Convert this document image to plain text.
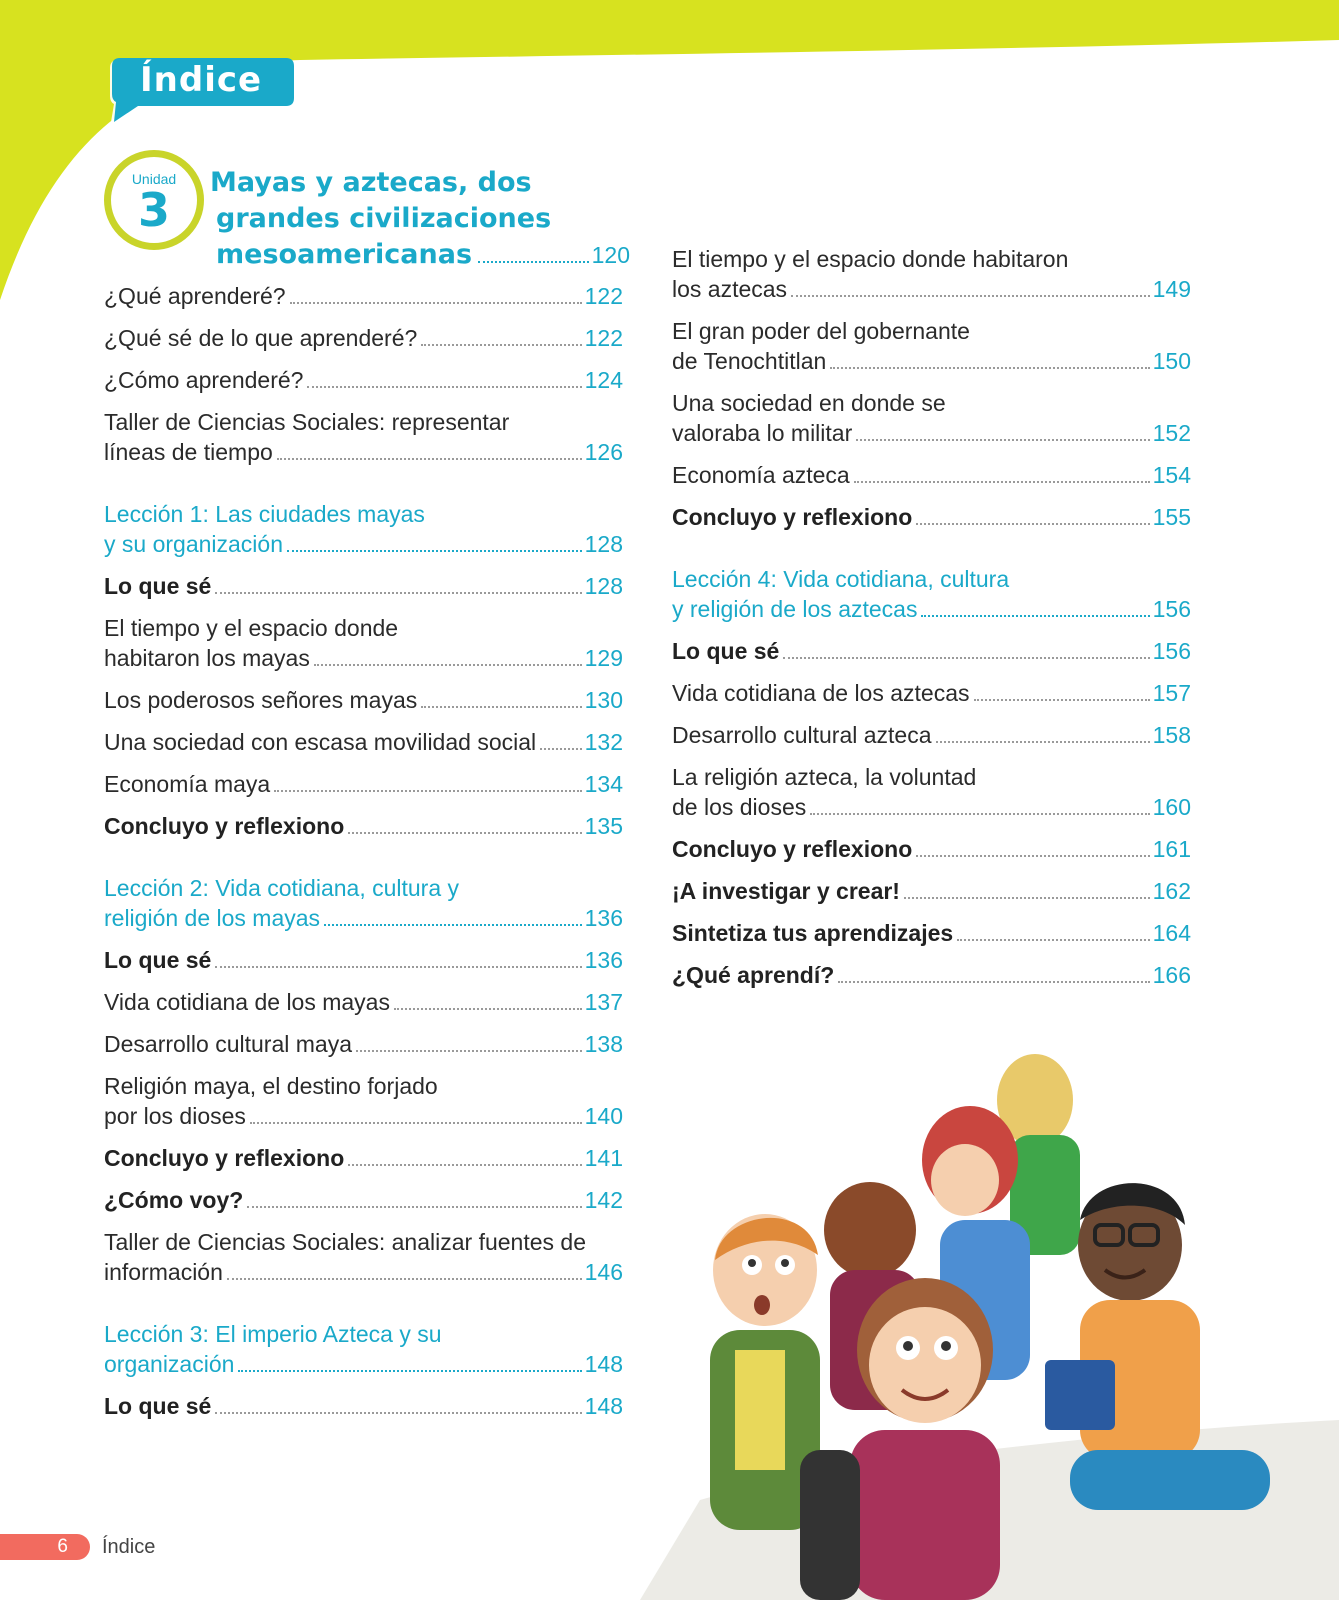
Índice
Unidad
3
Mayas y aztecas, dos
grandes civilizaciones
mesoamericanas	120
¿Qué aprenderé?	122
¿Qué sé de lo que aprenderé?	122
¿Cómo aprenderé?	124
Taller de Ciencias Sociales: representar
líneas de tiempo	126
Lección 1: Las ciudades mayas
y su organización	128
Lo que sé	128
El tiempo y el espacio donde
habitaron los mayas	129
Los poderosos señores mayas	130
Una sociedad con escasa movilidad social 132
Economía maya	134
Concluyo y reflexiono	135
Lección 2: Vida cotidiana, cultura y
religión de los mayas	136
Lo que sé	136
Vida cotidiana de los mayas	137
Desarrollo cultural maya	138
Religión maya, el destino forjado
por los dioses	140
Concluyo y reflexiono	141
¿Cómo voy?	142
Taller de Ciencias Sociales: analizar fuentes de
información	146
Lección 3: El imperio Azteca y su
organización	148
Lo que sé	148
El tiempo y el espacio donde habitaron
los aztecas	149
El gran poder del gobernante
de Tenochtitlan	150
Una sociedad en donde se
valoraba lo militar	152
Economía azteca	154
Concluyo y reflexiono	155
Lección 4: Vida cotidiana, cultura
y religión de los aztecas	156
Lo que sé	156
Vida cotidiana de los aztecas	157
Desarrollo cultural azteca	158
La religión azteca, la voluntad
de los dioses	160
Concluyo y reflexiono	161
¡A investigar y crear!	162
Sintetiza tus aprendizajes	164
¿Qué aprendí?	166
6	Índice
